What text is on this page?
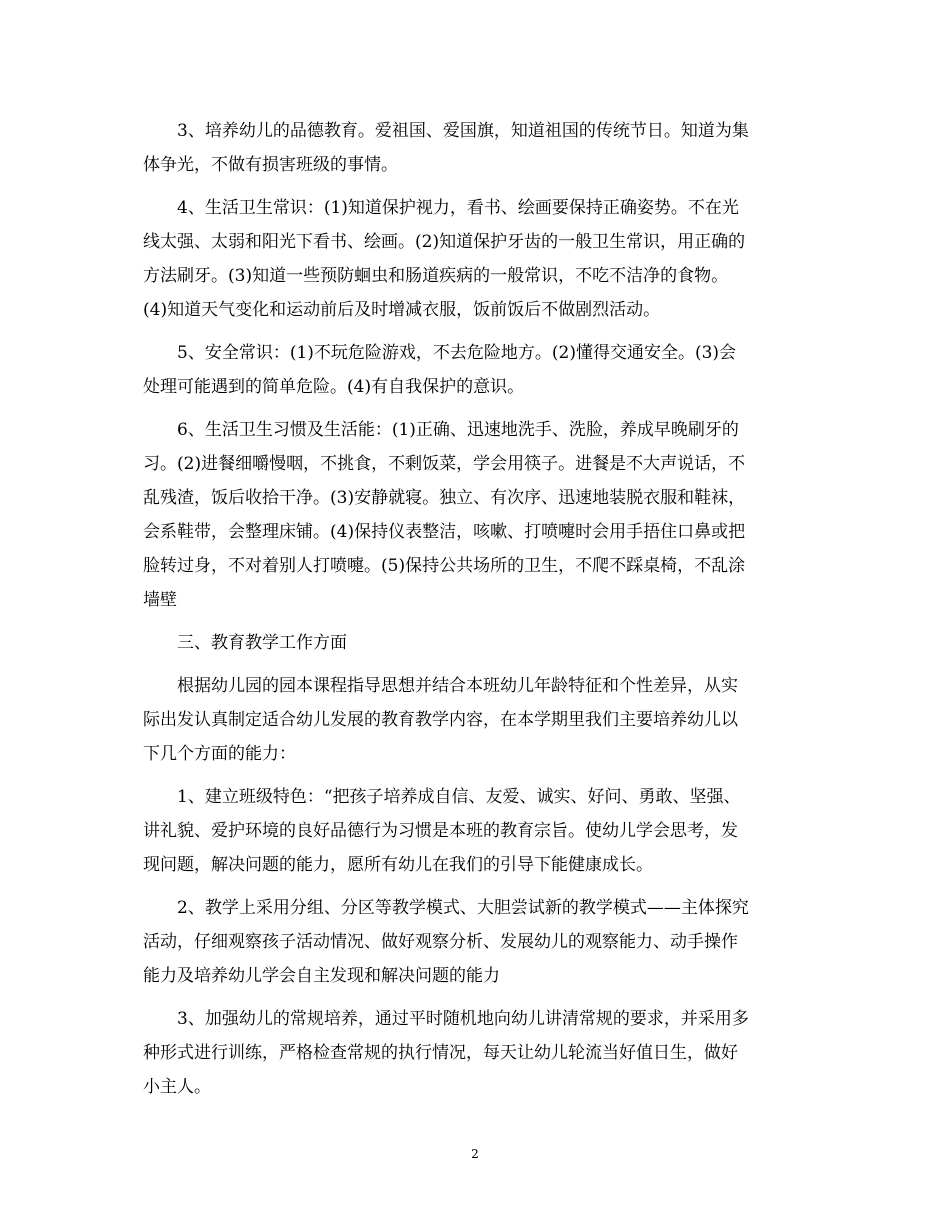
3、培养幼儿的品德教育。爱祖国、爱国旗，知道祖国的传统节日。知道为集
体争光，不做有损害班级的事情。
4、生活卫生常识：(1)知道保护视力，看书、绘画要保持正确姿势。不在光
线太强、太弱和阳光下看书、绘画。(2)知道保护牙齿的一般卫生常识，用正确的
方法刷牙。(3)知道一些预防蛔虫和肠道疾病的一般常识，不吃不洁净的食物。
(4)知道天气变化和运动前后及时增减衣服，饭前饭后不做剧烈活动。
5、安全常识：(1)不玩危险游戏，不去危险地方。(2)懂得交通安全。(3)会
处理可能遇到的简单危险。(4)有自我保护的意识。
6、生活卫生习惯及生活能：(1)正确、迅速地洗手、洗脸，养成早晚刷牙的
习。(2)进餐细嚼慢咽，不挑食，不剩饭菜，学会用筷子。进餐是不大声说话，不
乱残渣，饭后收拾干净。(3)安静就寝。独立、有次序、迅速地装脱衣服和鞋袜，
会系鞋带，会整理床铺。(4)保持仪表整洁，咳嗽、打喷嚏时会用手捂住口鼻或把
脸转过身，不对着别人打喷嚏。(5)保持公共场所的卫生，不爬不踩桌椅，不乱涂
墙壁
三、教育教学工作方面
根据幼儿园的园本课程指导思想并结合本班幼儿年龄特征和个性差异，从实
际出发认真制定适合幼儿发展的教育教学内容，在本学期里我们主要培养幼儿以
下几个方面的能力：
1、建立班级特色：“把孩子培养成自信、友爱、诚实、好问、勇敢、坚强、
讲礼貌、爱护环境的良好品德行为习惯是本班的教育宗旨。使幼儿学会思考，发
现问题，解决问题的能力，愿所有幼儿在我们的引导下能健康成长。
2、教学上采用分组、分区等教学模式、大胆尝试新的教学模式——主体探究
活动，仔细观察孩子活动情况、做好观察分析、发展幼儿的观察能力、动手操作
能力及培养幼儿学会自主发现和解决问题的能力
3、加强幼儿的常规培养，通过平时随机地向幼儿讲清常规的要求，并采用多
种形式进行训练，严格检查常规的执行情况，每天让幼儿轮流当好值日生，做好
小主人。
2
